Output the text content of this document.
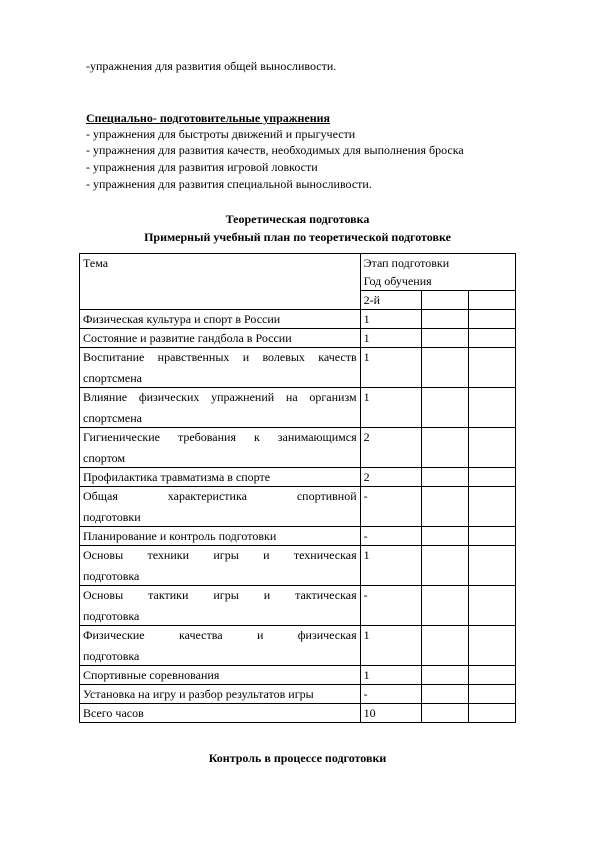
-упражнения для развития общей выносливости.
Специально- подготовительные упражнения
- упражнения для быстроты движений и прыгучести
- упражнения для развития качеств, необходимых для выполнения броска
- упражнения для развития игровой ловкости
- упражнения для развития специальной выносливости.
Теоретическая подготовка
Примерный учебный план по теоретической подготовке
Тема	Этап подготовки
Год обучения		

	2-й		

Физическая культура и спорт в России	1		

Состояние и развитие гандбола в России	1		

Воспитание нравственных и волевых качеств
спортсмена	1		

Влияние физических упражнений на организм
спортсмена	1		

Гигиенические требования к занимающимся
спортом	2		

Профилактика травматизма в спорте	2		

Общая характеристика спортивной
подготовки	-		

Планирование и контроль подготовки	-		

Основы техники игры и техническая
подготовка	1		

Основы тактики игры и тактическая
подготовка	-		

Физические качества и физическая
подготовка	1		

Спортивные соревнования	1		

Установка на игру и разбор результатов игры	-		

Всего часов	10		
Контроль в процессе подготовки
